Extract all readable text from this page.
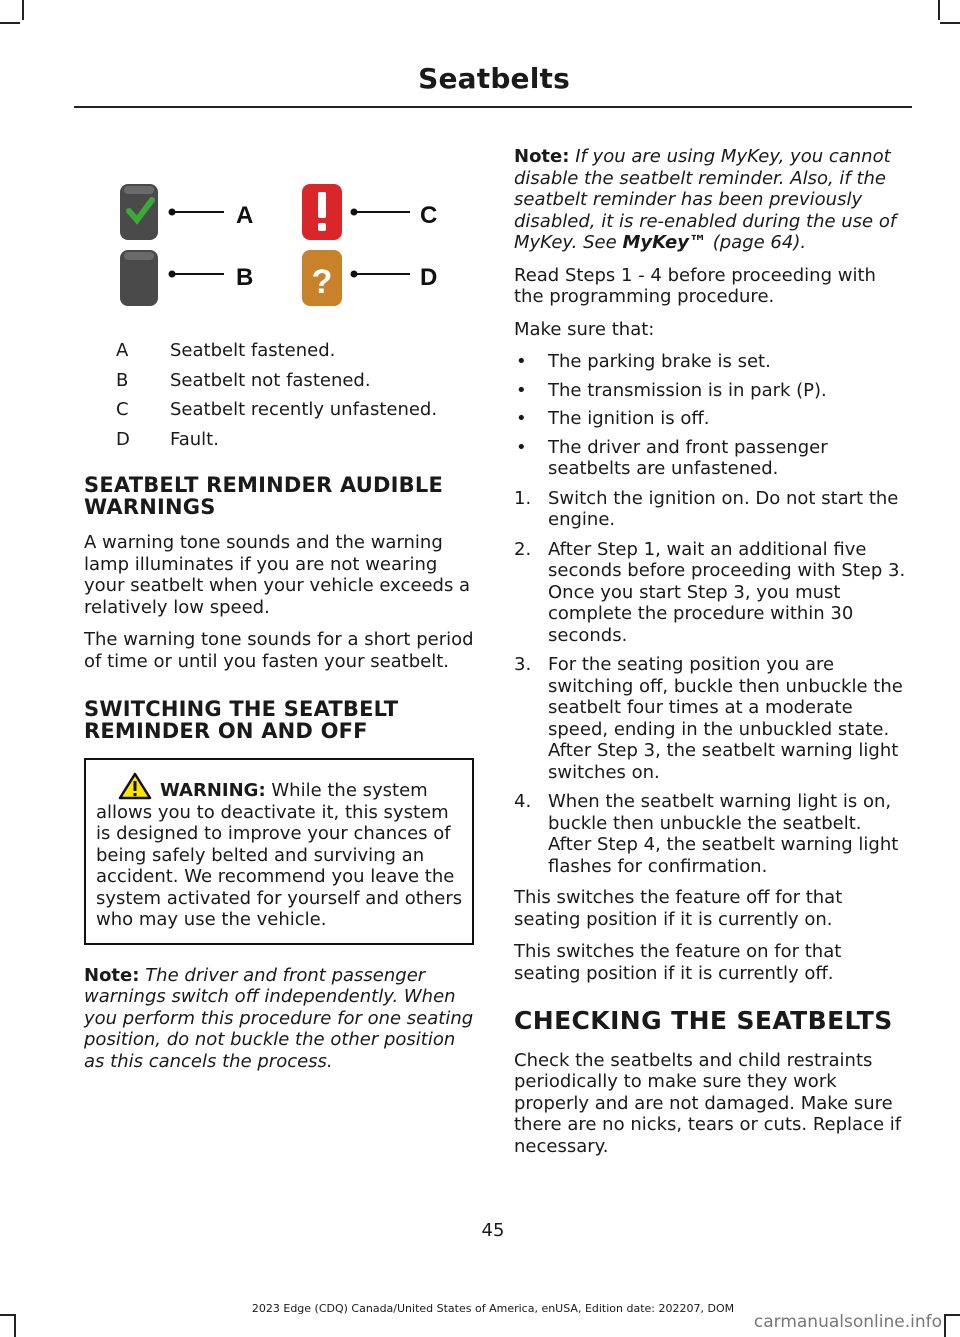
Seatbelts
A
B
C
?	D
A	Seatbelt fastened.
B	Seatbelt not fastened.
C	Seatbelt recently unfastened.
D	Fault.
SEATBELT REMINDER AUDIBLE WARNINGS

A warning tone sounds and the warning lamp illuminates if you are not wearing your seatbelt when your vehicle exceeds a relatively low speed.

The warning tone sounds for a short period of time or until you fasten your seatbelt.

SWITCHING THE SEATBELT REMINDER ON AND OFF
WARNING: While the system allows you to deactivate it, this system is designed to improve your chances of being safely belted and surviving an accident. We recommend you leave the system activated for yourself and others who may use the vehicle.

Note: The driver and front passenger warnings switch off independently. When you perform this procedure for one seating position, do not buckle the other position as this cancels the process.

Note: If you are using MyKey, you cannot disable the seatbelt reminder. Also, if the seatbelt reminder has been previously disabled, it is re-enabled during the use of MyKey. See MyKey™ (page 64).

Read Steps 1 - 4 before proceeding with the programming procedure.

Make sure that:

• The parking brake is set.
• The transmission is in park (P).
• The ignition is off.
• The driver and front passenger seatbelts are unfastened.
1. Switch the ignition on. Do not start the engine.
2. After Step 1, wait an additional five seconds before proceeding with Step 3. Once you start Step 3, you must complete the procedure within 30 seconds.
3. For the seating position you are switching off, buckle then unbuckle the seatbelt four times at a moderate speed, ending in the unbuckled state. After Step 3, the seatbelt warning light switches on.
4. When the seatbelt warning light is on, buckle then unbuckle the seatbelt. After Step 4, the seatbelt warning light flashes for confirmation.

This switches the feature off for that seating position if it is currently on.

This switches the feature on for that seating position if it is currently off.

CHECKING THE SEATBELTS

Check the seatbelts and child restraints periodically to make sure they work properly and are not damaged. Make sure there are no nicks, tears or cuts. Replace if necessary.

45
2023 Edge (CDQ) Canada/United States of America, enUSA, Edition date: 202207, DOM
carmanualsonline.info
